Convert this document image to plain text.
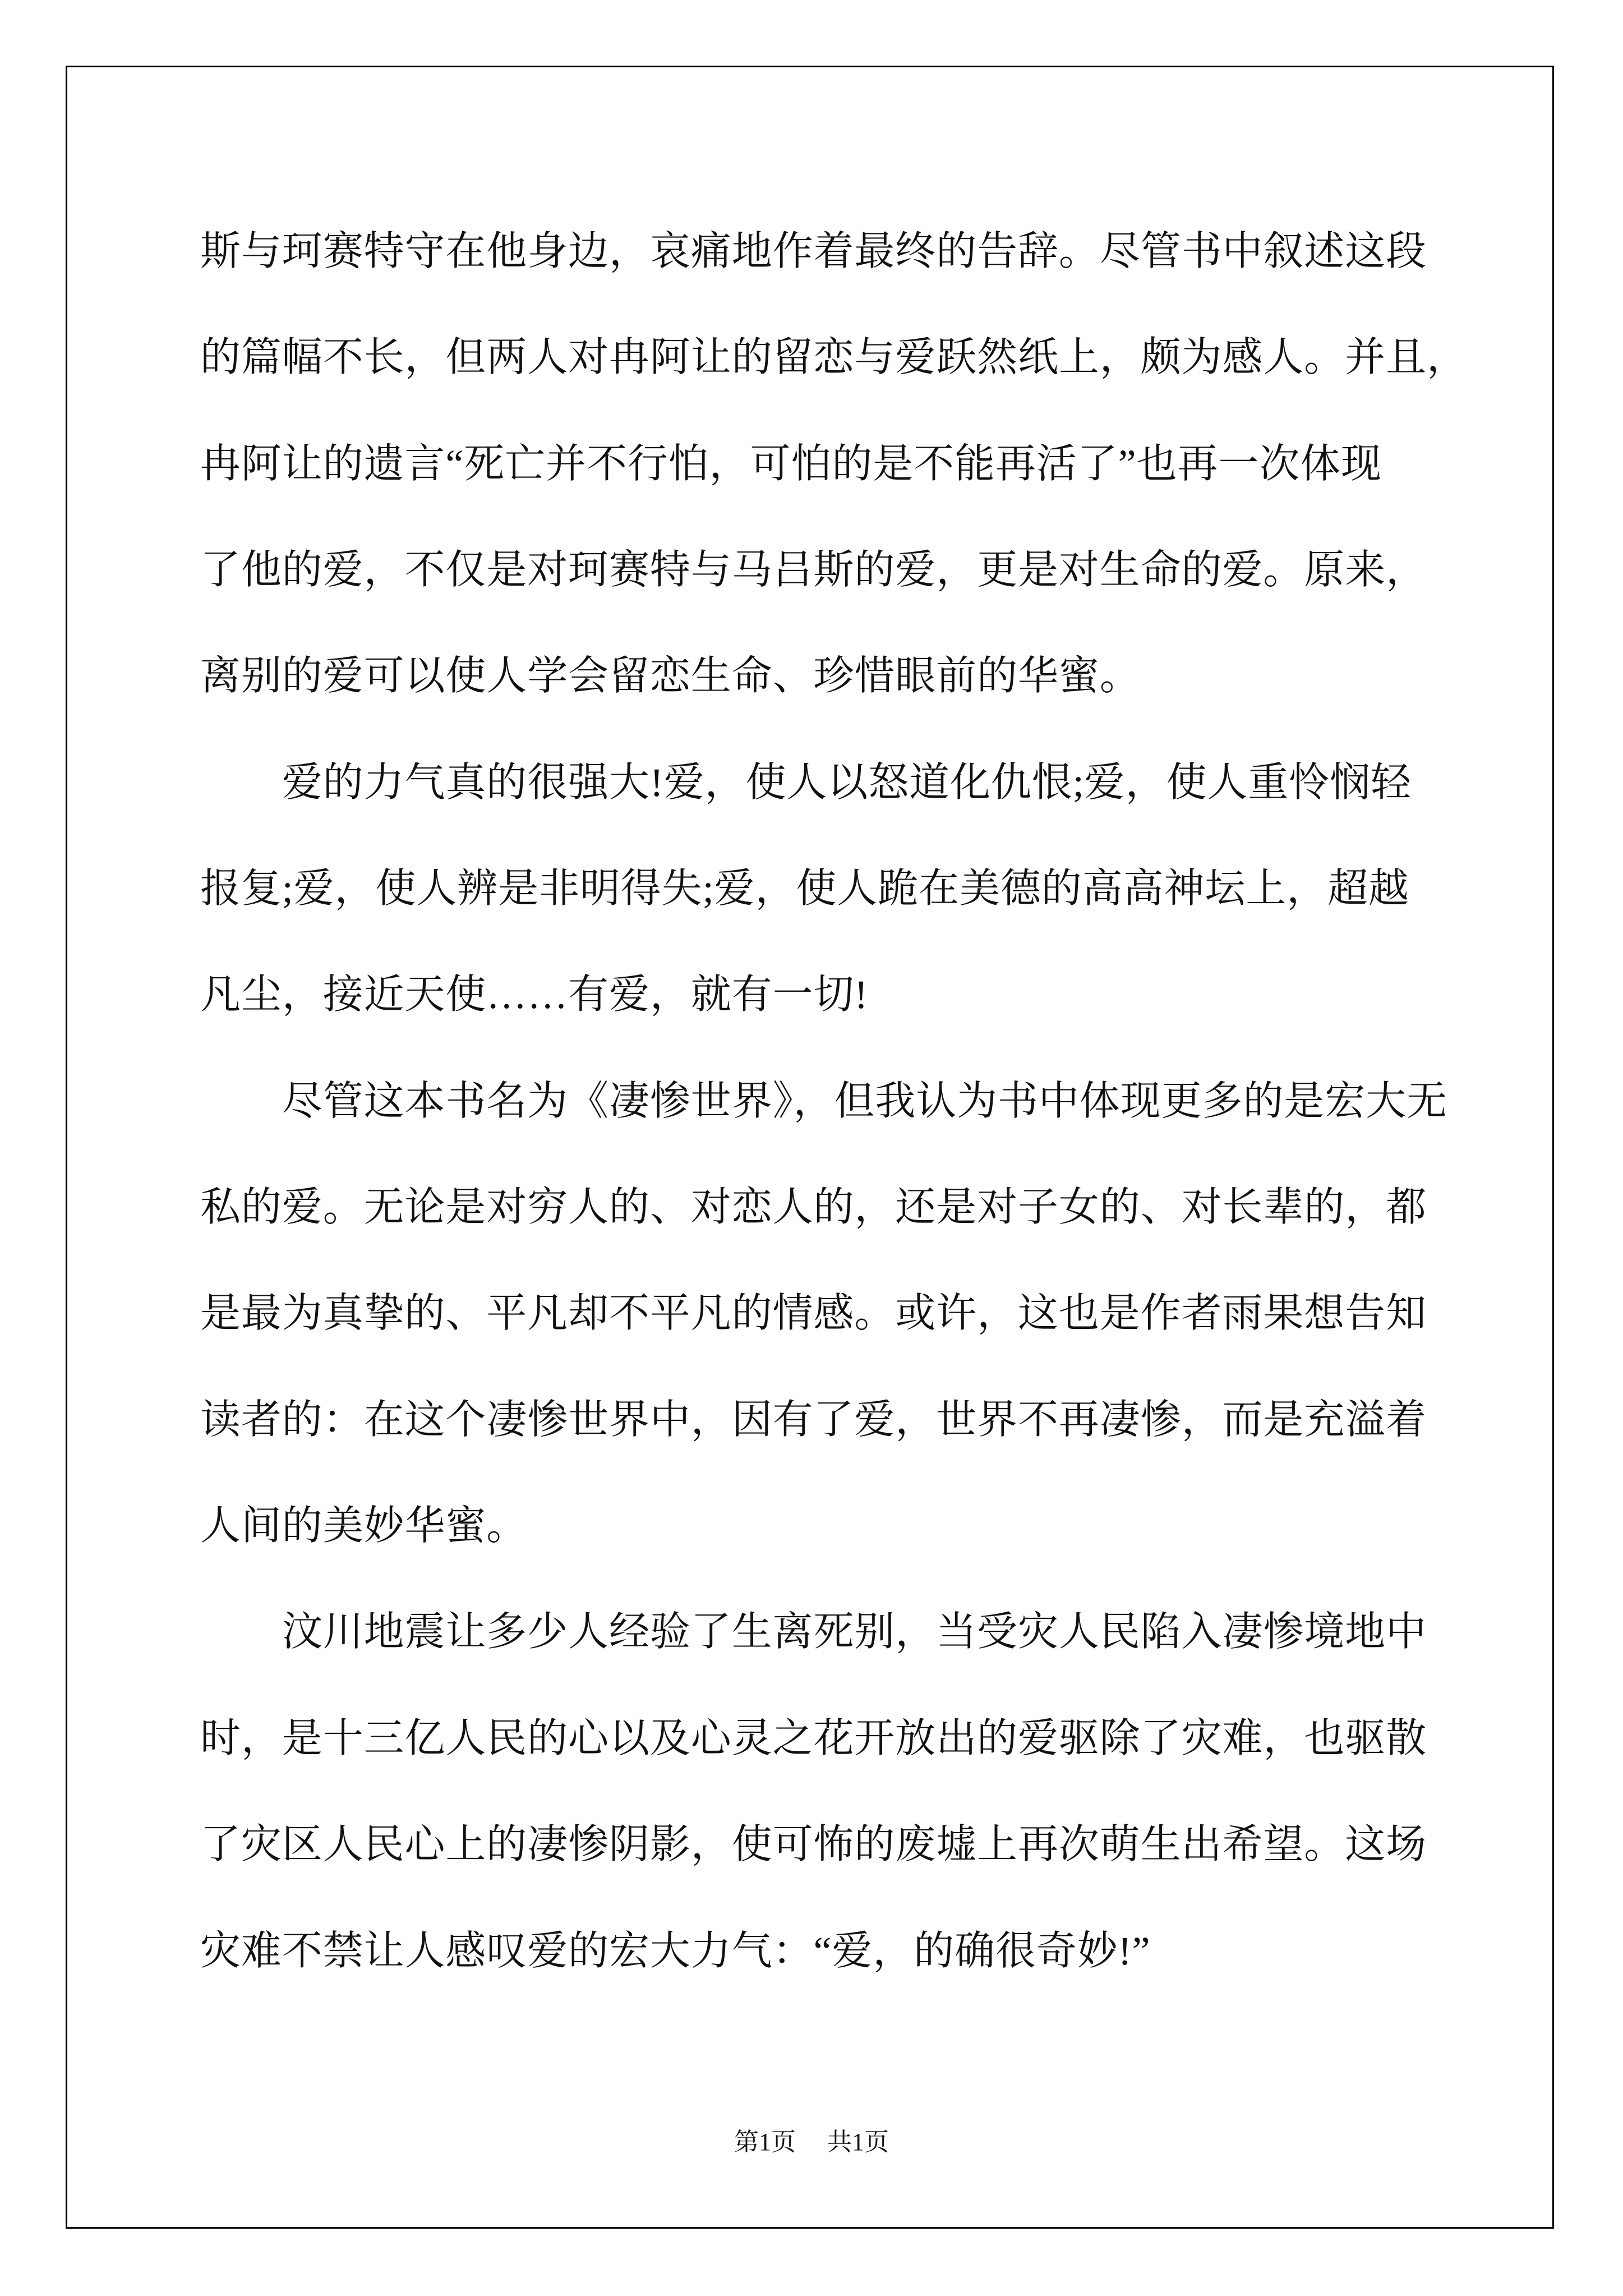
斯与珂赛特守在他身边，哀痛地作着最终的告辞。尽管书中叙述这段
的篇幅不长，但两人对冉阿让的留恋与爱跃然纸上，颇为感人。并且，
冉阿让的遗言“死亡并不行怕，可怕的是不能再活了”也再一次体现
了他的爱，不仅是对珂赛特与马吕斯的爱，更是对生命的爱。原来，
离别的爱可以使人学会留恋生命、珍惜眼前的华蜜。
爱的力气真的很强大!爱，使人以怒道化仇恨;爱，使人重怜悯轻
报复;爱，使人辨是非明得失;爱，使人跪在美德的高高神坛上，超越
凡尘，接近天使……有爱，就有一切!
尽管这本书名为《凄惨世界》，但我认为书中体现更多的是宏大无
私的爱。无论是对穷人的、对恋人的，还是对子女的、对长辈的，都
是最为真挚的、平凡却不平凡的情感。或许，这也是作者雨果想告知
读者的：在这个凄惨世界中，因有了爱，世界不再凄惨，而是充溢着
人间的美妙华蜜。
汶川地震让多少人经验了生离死别，当受灾人民陷入凄惨境地中
时，是十三亿人民的心以及心灵之花开放出的爱驱除了灾难，也驱散
了灾区人民心上的凄惨阴影，使可怖的废墟上再次萌生出希望。这场
灾难不禁让人感叹爱的宏大力气：“爱，的确很奇妙!”
第1页 共1页
